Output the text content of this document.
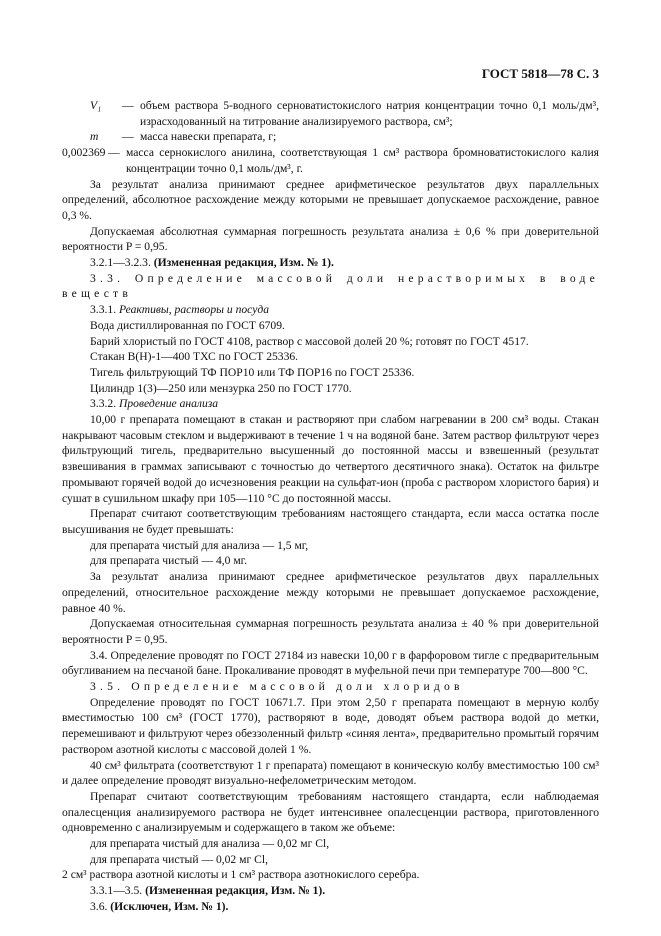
ГОСТ 5818—78 С. 3
V₁	— объем раствора 5-водного серноватистокислого натрия концентрации точно 0,1 моль/дм³, израсходованный на титрование анализируемого раствора, см³;
m	— масса навески препарата, г;
0,002369 — масса сернокислого анилина, соответствующая 1 см³ раствора бромноватистокислого калия концентрации точно 0,1 моль/дм³, г.

За результат анализа принимают среднее арифметическое результатов двух параллельных определений, абсолютное расхождение между которыми не превышает допускаемое расхождение, равное 0,3 %.

Допускаемая абсолютная суммарная погрешность результата анализа ± 0,6 % при доверительной вероятности P = 0,95.

3.2.1—3.2.3. (Измененная редакция, Изм. № 1).

3.3. Определение массовой доли нерастворимых в воде веществ

3.3.1. Реактивы, растворы и посуда

Вода дистиллированная по ГОСТ 6709.

Барий хлористый по ГОСТ 4108, раствор с массовой долей 20 %; готовят по ГОСТ 4517.

Стакан В(Н)-1—400 ТХС по ГОСТ 25336.

Тигель фильтрующий ТФ ПОР10 или ТФ ПОР16 по ГОСТ 25336.

Цилиндр 1(3)—250 или мензурка 250 по ГОСТ 1770.

3.3.2. Проведение анализа

10,00 г препарата помещают в стакан и растворяют при слабом нагревании в 200 см³ воды. Стакан накрывают часовым стеклом и выдерживают в течение 1 ч на водяной бане. Затем раствор фильтруют через фильтрующий тигель, предварительно высушенный до постоянной массы и взвешенный (результат взвешивания в граммах записывают с точностью до четвертого десятичного знака). Остаток на фильтре промывают горячей водой до исчезновения реакции на сульфат-ион (проба с раствором хлористого бария) и сушат в сушильном шкафу при 105—110 °С до постоянной массы.

Препарат считают соответствующим требованиям настоящего стандарта, если масса остатка после высушивания не будет превышать:

для препарата чистый для анализа — 1,5 мг,

для препарата чистый — 4,0 мг.

За результат анализа принимают среднее арифметическое результатов двух параллельных определений, относительное расхождение между которыми не превышает допускаемое расхождение, равное 40 %.

Допускаемая относительная суммарная погрешность результата анализа ± 40 % при доверительной вероятности P = 0,95.

3.4. Определение проводят по ГОСТ 27184 из навески 10,00 г в фарфоровом тигле с предварительным обугливанием на песчаной бане. Прокаливание проводят в муфельной печи при температуре 700—800 °С.

3.5. Определение массовой доли хлоридов

Определение проводят по ГОСТ 10671.7. При этом 2,50 г препарата помещают в мерную колбу вместимостью 100 см³ (ГОСТ 1770), растворяют в воде, доводят объем раствора водой до метки, перемешивают и фильтруют через обеззоленный фильтр «синяя лента», предварительно промытый горячим раствором азотной кислоты с массовой долей 1 %.

40 см³ фильтрата (соответствуют 1 г препарата) помещают в коническую колбу вместимостью 100 см³ и далее определение проводят визуально-нефелометрическим методом.

Препарат считают соответствующим требованиям настоящего стандарта, если наблюдаемая опалесценция анализируемого раствора не будет интенсивнее опалесценции раствора, приготовленного одновременно с анализируемым и содержащего в таком же объеме:

для препарата чистый для анализа — 0,02 мг Cl,

для препарата чистый — 0,02 мг Cl,

2 см³ раствора азотной кислоты и 1 см³ раствора азотнокислого серебра.

3.3.1—3.5. (Измененная редакция, Изм. № 1).

3.6. (Исключен, Изм. № 1).
